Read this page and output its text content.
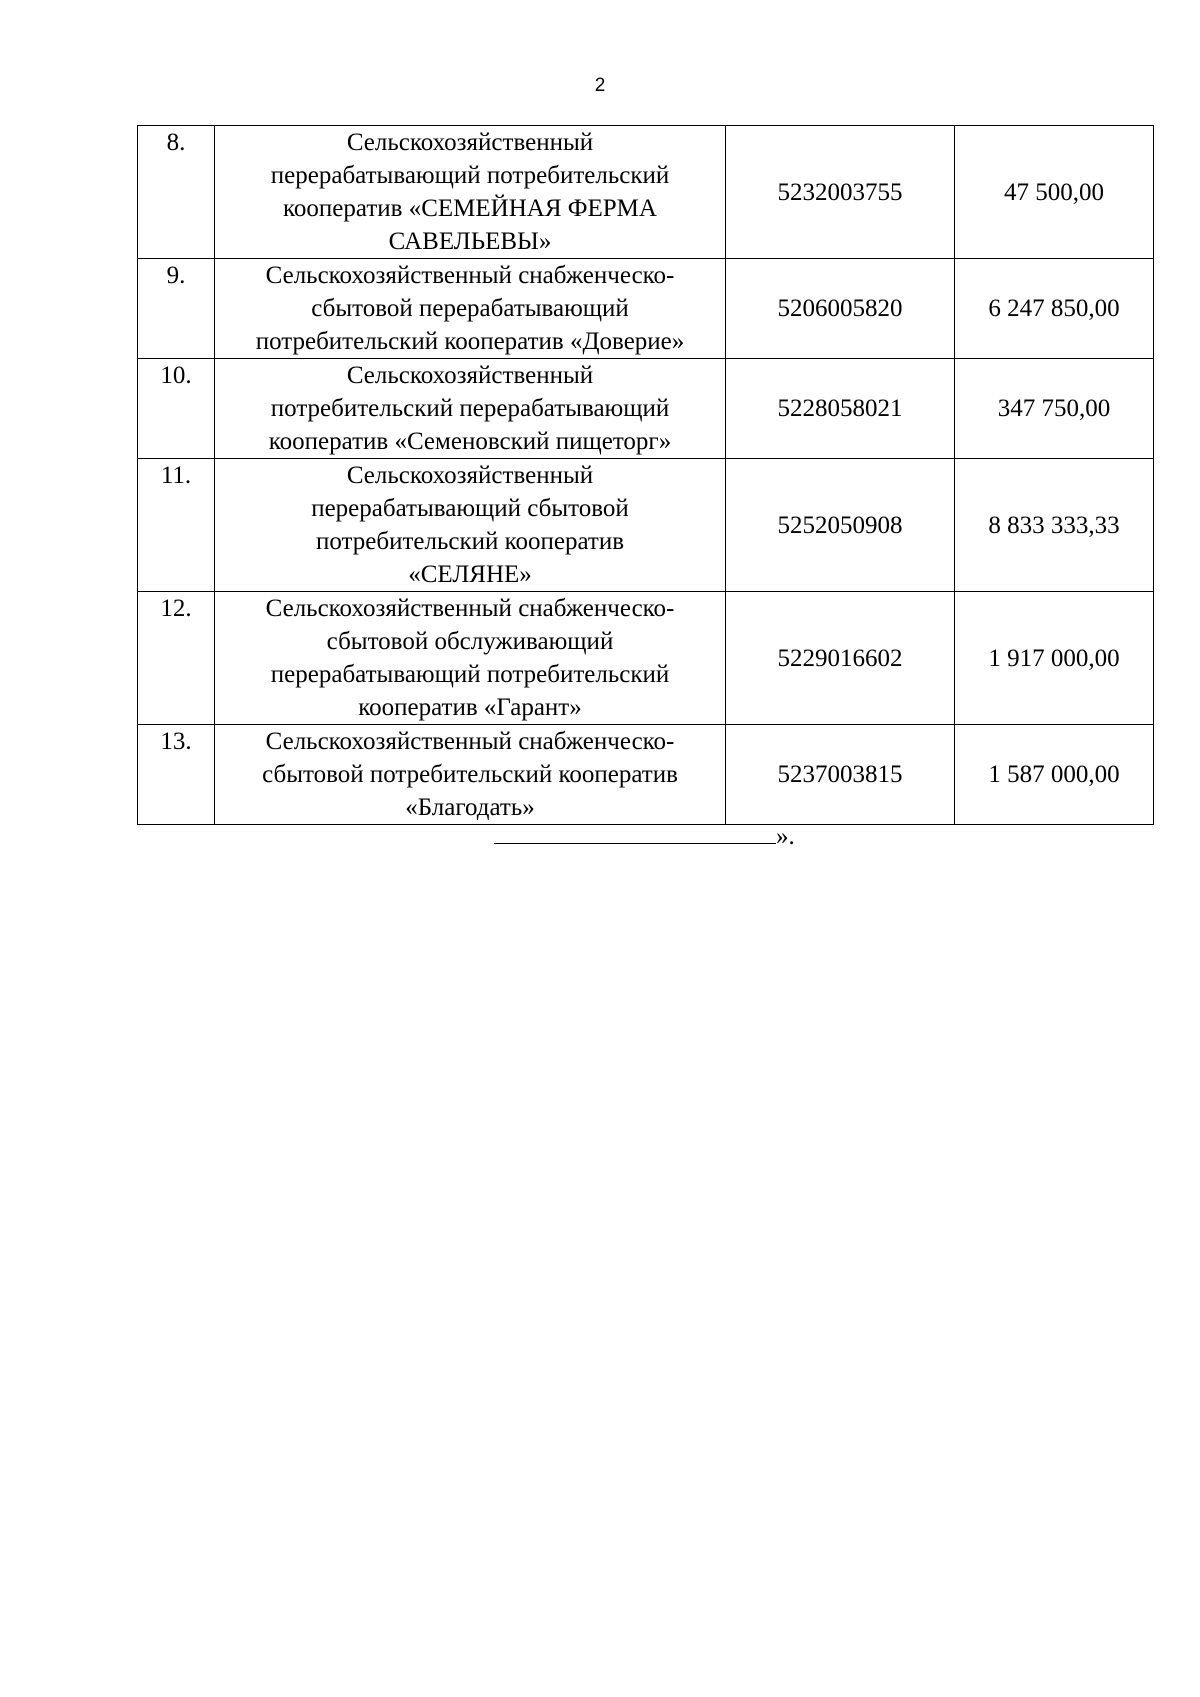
2
8.	Сельскохозяйственный
перерабатывающий потребительский
кооператив «СЕМЕЙНАЯ ФЕРМА
САВЕЛЬЕВЫ»	5232003755	47 500,00
9.	Сельскохозяйственный снабженческо-
сбытовой перерабатывающий
потребительский кооператив «Доверие»	5206005820	6 247 850,00
10.	Сельскохозяйственный
потребительский перерабатывающий
кооператив «Семеновский пищеторг»	5228058021	347 750,00
11.	Сельскохозяйственный
перерабатывающий сбытовой
потребительский кооператив
«СЕЛЯНЕ»	5252050908	8 833 333,33
12.	Сельскохозяйственный снабженческо-
сбытовой обслуживающий
перерабатывающий потребительский
кооператив «Гарант»	5229016602	1 917 000,00
13.	Сельскохозяйственный снабженческо-
сбытовой потребительский кооператив
«Благодать»	5237003815	1 587 000,00
».
